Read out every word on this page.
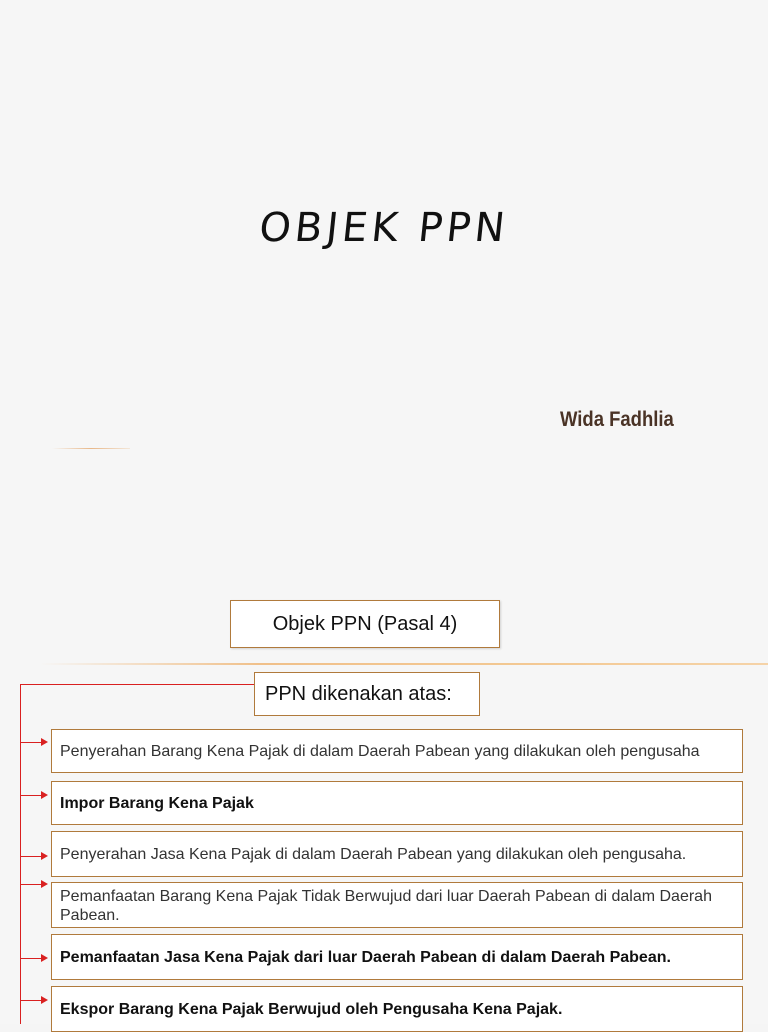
OBJEK PPN
Wida Fadhlia
Objek PPN (Pasal 4)
PPN dikenakan atas:
Penyerahan Barang Kena Pajak di dalam Daerah Pabean yang dilakukan oleh pengusaha
Impor Barang Kena Pajak
Penyerahan Jasa Kena Pajak di dalam Daerah Pabean yang dilakukan oleh pengusaha.
Pemanfaatan Barang Kena Pajak Tidak Berwujud dari luar Daerah Pabean di dalam Daerah Pabean.
Pemanfaatan Jasa Kena Pajak dari luar Daerah Pabean di dalam Daerah Pabean.
Ekspor Barang Kena Pajak Berwujud oleh Pengusaha Kena Pajak.
